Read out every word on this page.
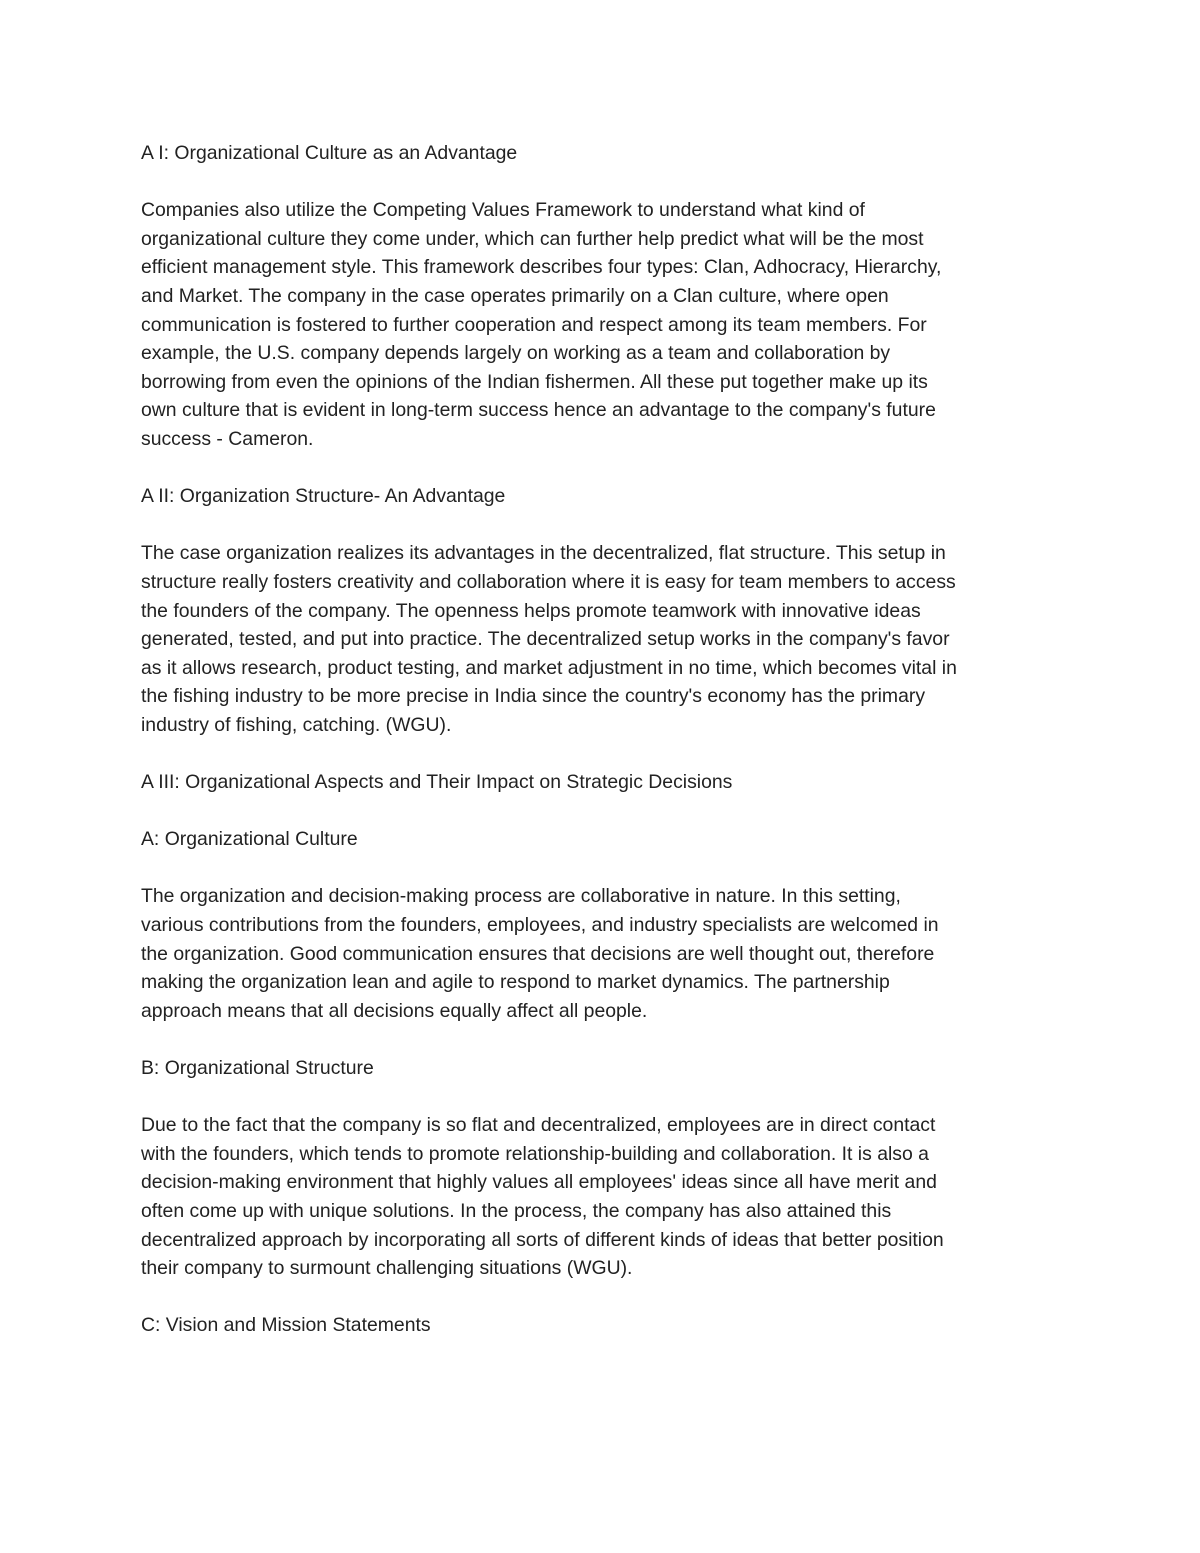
A I: Organizational Culture as an Advantage

Companies also utilize the Competing Values Framework to understand what kind of
organizational culture they come under, which can further help predict what will be the most
efficient management style. This framework describes four types: Clan, Adhocracy, Hierarchy,
and Market. The company in the case operates primarily on a Clan culture, where open
communication is fostered to further cooperation and respect among its team members. For
example, the U.S. company depends largely on working as a team and collaboration by
borrowing from even the opinions of the Indian fishermen. All these put together make up its
own culture that is evident in long-term success hence an advantage to the company's future
success - Cameron.

A II: Organization Structure- An Advantage

The case organization realizes its advantages in the decentralized, flat structure. This setup in
structure really fosters creativity and collaboration where it is easy for team members to access
the founders of the company. The openness helps promote teamwork with innovative ideas
generated, tested, and put into practice. The decentralized setup works in the company's favor
as it allows research, product testing, and market adjustment in no time, which becomes vital in
the fishing industry to be more precise in India since the country's economy has the primary
industry of fishing, catching. (WGU).

A III: Organizational Aspects and Their Impact on Strategic Decisions

A: Organizational Culture

The organization and decision-making process are collaborative in nature. In this setting,
various contributions from the founders, employees, and industry specialists are welcomed in
the organization. Good communication ensures that decisions are well thought out, therefore
making the organization lean and agile to respond to market dynamics. The partnership
approach means that all decisions equally affect all people.

B: Organizational Structure

Due to the fact that the company is so flat and decentralized, employees are in direct contact
with the founders, which tends to promote relationship-building and collaboration. It is also a
decision-making environment that highly values all employees' ideas since all have merit and
often come up with unique solutions. In the process, the company has also attained this
decentralized approach by incorporating all sorts of different kinds of ideas that better position
their company to surmount challenging situations (WGU).

C: Vision and Mission Statements
